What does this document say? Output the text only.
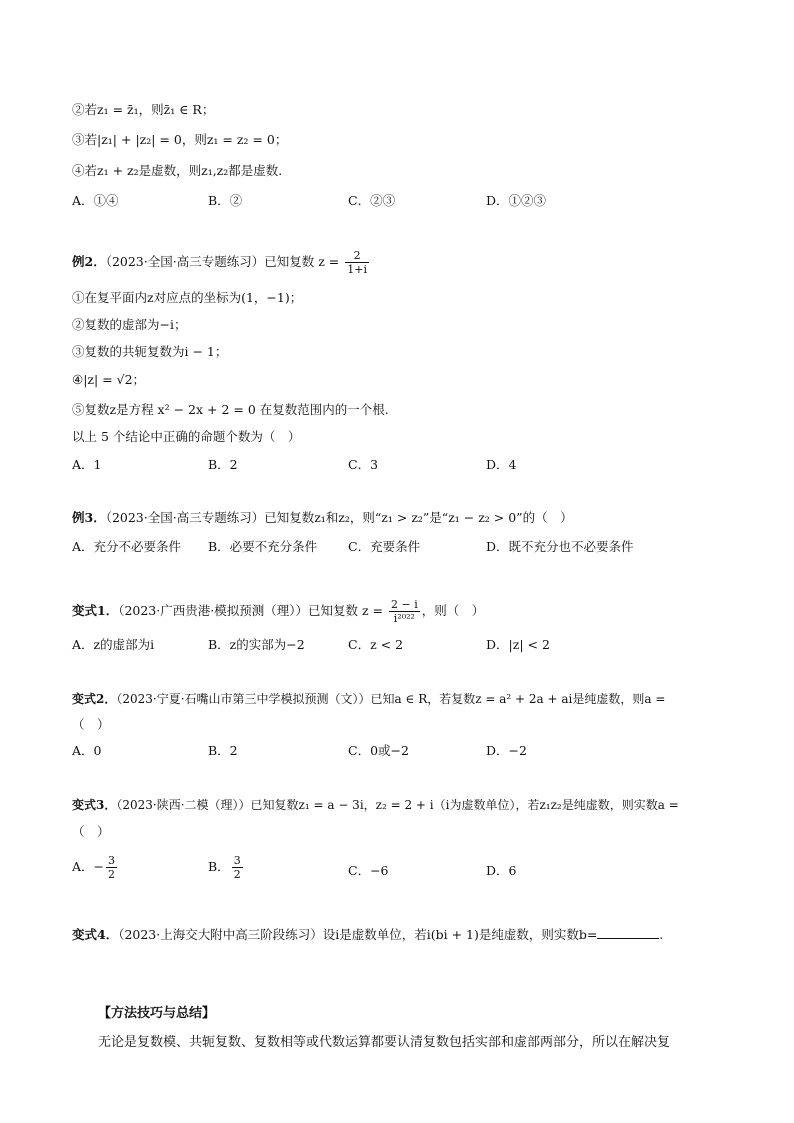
②若z₁ = z̄₁，则z̄₁ ∈ R；
③若|z₁| + |z₂| = 0，则z₁ = z₂ = 0；
④若z₁ + z₂是虚数，则z₁,z₂都是虚数.
A．①④	B．②	C．②③	D．①②③
例2．（2023·全国·高三专题练习）已知复数 $z = \frac{2}{1+i}$
①在复平面内z对应点的坐标为(1，−1)；
②复数的虚部为−i；
③复数的共轭复数为i − 1；
④|z| = √2；
⑤复数z是方程 x² − 2x + 2 = 0 在复数范围内的一个根.
以上 5 个结论中正确的命题个数为（　）
A．1	B．2	C．3	D．4
例3．（2023·全国·高三专题练习）已知复数z₁和z₂，则“z₁ > z₂”是“z₁ − z₂ > 0”的（　）
A．充分不必要条件 B．必要不充分条件 C．充要条件	D．既不充分也不必要条件
变式1．（2023·广西贵港·模拟预测（理））已知复数 $z = \frac{2 - i}{\text{i²⁰²²}}$ ，则（　）
A．z的虚部为i	B．z的实部为−2	C．z < 2	D．|z| < 2
变式2．（2023·宁夏·石嘴山市第三中学模拟预测（文））已知a ∈ R，若复数z = a² + 2a + ai是纯虚数，则a =
（　）
A．0	B．2	C．0或−2	D．−2
变式3．（2023·陕西·二模（理））已知复数z₁ = a − 3i，z₂ = 2 + i（i为虚数单位），若z₁z₂是纯虚数，则实数a =
（　）
A．− $\frac{3}{2}$	B． $\frac{3}{2}$	C．−6	D．6
变式4．（2023·上海交大附中高三阶段练习）设i是虚数单位，若i(bi + 1)是纯虚数，则实数b=	.
【方法技巧与总结】
无论是复数模、共轭复数、复数相等或代数运算都要认清复数包括实部和虚部两部分，所以在解决复
